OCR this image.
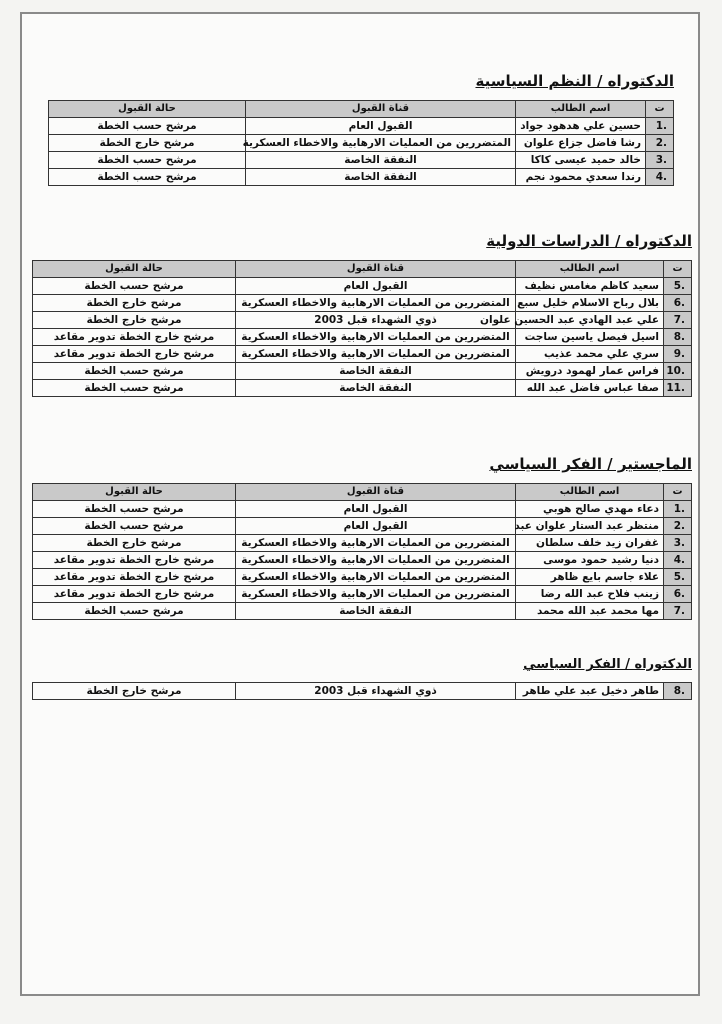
الدكتوراه / النظم السياسية
ت	اسم الطالب	قناة القبول	حالة القبول
.1	حسين علي هدهود جواد	القبول العام	مرشح حسب الخطة
.2	رشا فاضل جزاع علوان	المتضررين من العمليات الارهابية والاخطاء العسكرية	مرشح خارج الخطة
.3	خالد حميد عيسى كاكا	النفقة الخاصة	مرشح حسب الخطة
.4	رندا سعدي محمود نجم	النفقة الخاصة	مرشح حسب الخطة
الدكتوراه / الدراسات الدولية
ت	اسم الطالب	قناة القبول	حالة القبول
.5	سعيد كاظم مغامس نظيف	القبول العام	مرشح حسب الخطة
.6	بلال رباح الاسلام خليل سبع	المتضررين من العمليات الارهابية والاخطاء العسكرية	مرشح خارج الخطة
.7	علي عبد الهادي عبد الحسين علوان	ذوي الشهداء قبل 2003	مرشح خارج الخطة
.8	اسيل فيصل ياسين ساجت	المتضررين من العمليات الارهابية والاخطاء العسكرية	مرشح خارج الخطة تدوير مقاعد
.9	سري علي محمد عذيب	المتضررين من العمليات الارهابية والاخطاء العسكرية	مرشح خارج الخطة تدوير مقاعد
.10	فراس عمار لهمود درويش	النفقة الخاصة	مرشح حسب الخطة
.11	صفا عباس فاضل عبد الله	النفقة الخاصة	مرشح حسب الخطة
الماجستير / الفكر السياسي
ت	اسم الطالب	قناة القبول	حالة القبول
.1	دعاء مهدي صالح هوبي	القبول العام	مرشح حسب الخطة
.2	منتظر عبد الستار علوان عبد	القبول العام	مرشح حسب الخطة
.3	غفران زيد خلف سلطان	المتضررين من العمليات الارهابية والاخطاء العسكرية	مرشح خارج الخطة
.4	دنيا رشيد حمود موسى	المتضررين من العمليات الارهابية والاخطاء العسكرية	مرشح خارج الخطة تدوير مقاعد
.5	علاء جاسم بايع ظاهر	المتضررين من العمليات الارهابية والاخطاء العسكرية	مرشح خارج الخطة تدوير مقاعد
.6	زينب فلاح عبد الله رضا	المتضررين من العمليات الارهابية والاخطاء العسكرية	مرشح خارج الخطة تدوير مقاعد
.7	مها محمد عبد الله محمد	النفقة الخاصة	مرشح حسب الخطة
الدكتوراه / الفكر السياسي
.8	طاهر دخيل عبد علي طاهر	ذوي الشهداء قبل 2003	مرشح خارج الخطة
